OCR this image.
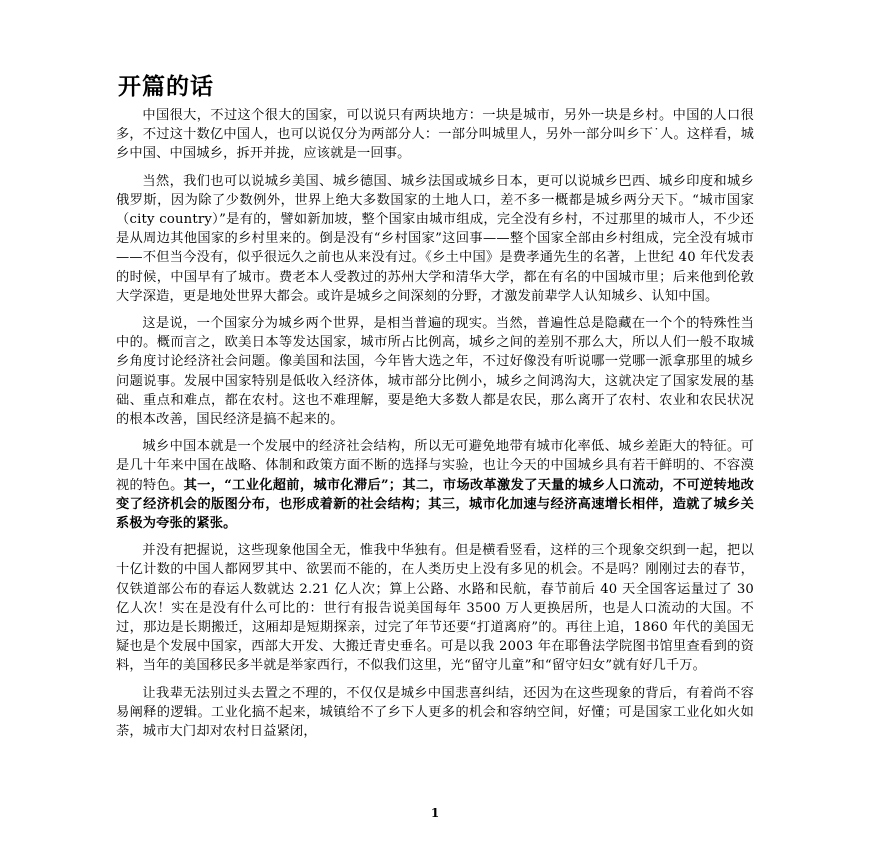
开篇的话

中国很大，不过这个很大的国家，可以说只有两块地方：一块是城市，另外一块是乡村。中国的人口很多，不过这十数亿中国人，也可以说仅分为两部分人：一部分叫城里人，另外一部分叫乡下˙人。这样看，城乡中国、中国城乡，拆开并拢，应该就是一回事。

当然，我们也可以说城乡美国、城乡德国、城乡法国或城乡日本，更可以说城乡巴西、城乡印度和城乡俄罗斯，因为除了少数例外，世界上绝大多数国家的土地人口，差不多一概都是城乡两分天下。“城市国家（city country）”是有的，譬如新加坡，整个国家由城市组成，完全没有乡村，不过那里的城市人，不少还是从周边其他国家的乡村里来的。倒是没有“乡村国家”这回事——整个国家全部由乡村组成，完全没有城市——不但当今没有，似乎很远久之前也从来没有过。《乡土中国》是费孝通先生的名著，上世纪 40 年代发表的时候，中国早有了城市。费老本人受教过的苏州大学和清华大学，都在有名的中国城市里；后来他到伦敦大学深造，更是地处世界大都会。或许是城乡之间深刻的分野，才激发前辈学人认知城乡、认知中国。

这是说，一个国家分为城乡两个世界，是相当普遍的现实。当然，普遍性总是隐藏在一个个的特殊性当中的。概而言之，欧美日本等发达国家，城市所占比例高，城乡之间的差别不那么大，所以人们一般不取城乡角度讨论经济社会问题。像美国和法国，今年皆大选之年，不过好像没有听说哪一党哪一派拿那里的城乡问题说事。发展中国家特别是低收入经济体，城市部分比例小，城乡之间鸿沟大，这就决定了国家发展的基础、重点和难点，都在农村。这也不难理解，要是绝大多数人都是农民，那么离开了农村、农业和农民状况的根本改善，国民经济是搞不起来的。

城乡中国本就是一个发展中的经济社会结构，所以无可避免地带有城市化率低、城乡差距大的特征。可是几十年来中国在战略、体制和政策方面不断的选择与实验，也让今天的中国城乡具有若干鲜明的、不容漠视的特色。其一，“工业化超前，城市化滞后”；其二，市场改革激发了天量的城乡人口流动，不可逆转地改变了经济机会的版图分布，也形成着新的社会结构；其三，城市化加速与经济高速增长相伴，造就了城乡关系极为夸张的紧张。

并没有把握说，这些现象他国全无，惟我中华独有。但是横看竖看，这样的三个现象交织到一起，把以十亿计数的中国人都网罗其中、欲罢而不能的，在人类历史上没有多见的机会。不是吗？刚刚过去的春节，仅铁道部公布的春运人数就达 2.21 亿人次；算上公路、水路和民航，春节前后 40 天全国客运量过了 30 亿人次！实在是没有什么可比的：世行有报告说美国每年 3500 万人更换居所，也是人口流动的大国。不过，那边是长期搬迁，这厢却是短期探亲，过完了年节还要“打道离府”的。再往上追，1860 年代的美国无疑也是个发展中国家，西部大开发、大搬迁青史垂名。可是以我 2003 年在耶鲁法学院图书馆里查看到的资料，当年的美国移民多半就是举家西行，不似我们这里，光“留守儿童”和“留守妇女”就有好几千万。

让我辈无法别过头去置之不理的，不仅仅是城乡中国悲喜纠结，还因为在这些现象的背后，有着尚不容易阐释的逻辑。工业化搞不起来，城镇给不了乡下人更多的机会和容纳空间，好懂；可是国家工业化如火如荼，城市大门却对农村日益紧闭，

1
